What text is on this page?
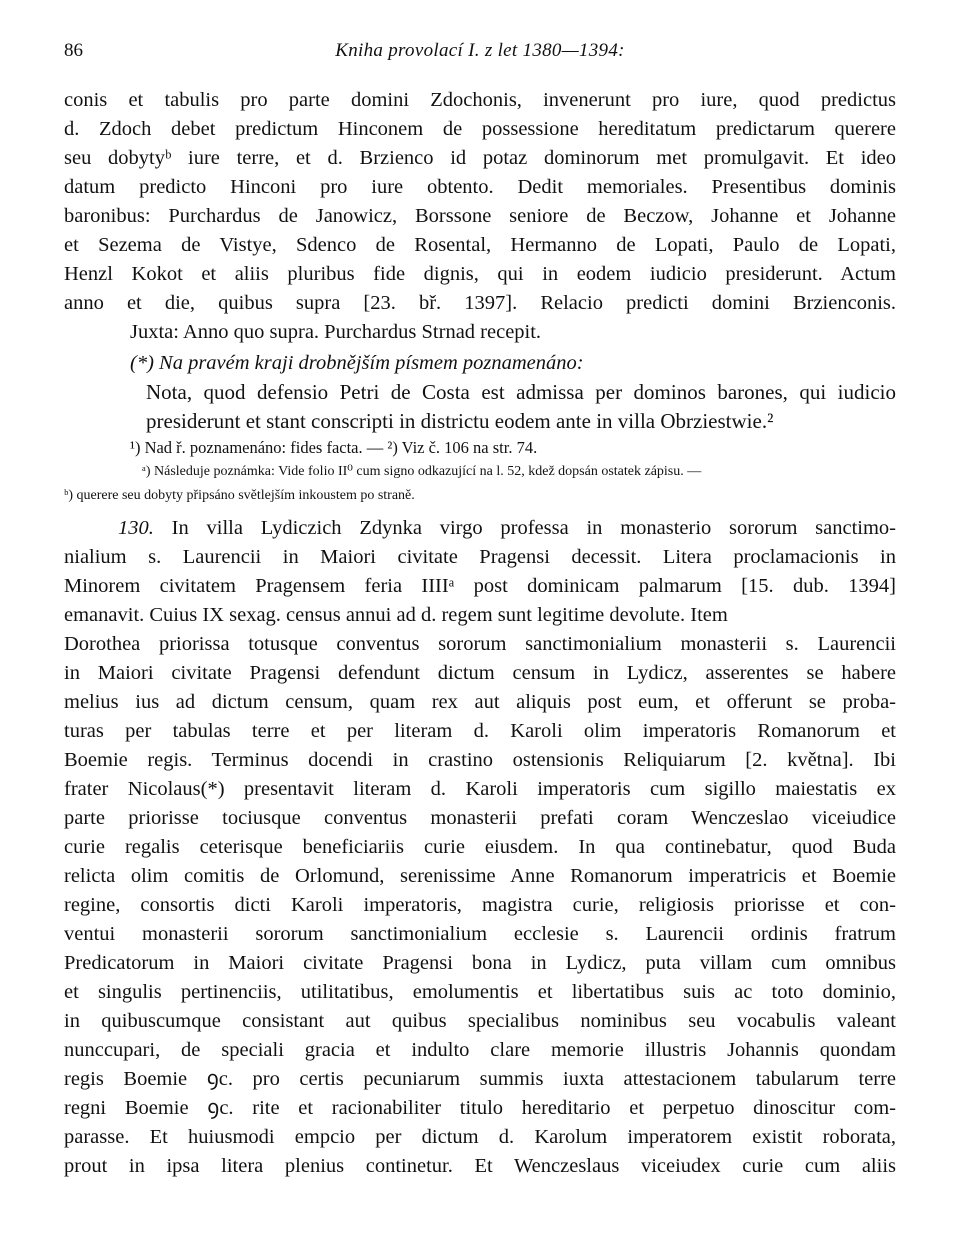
86	Kniha provolací I. z let 1380—1394:
conis et tabulis pro parte domini Zdochonis, invenerunt pro iure, quod predictus
d. Zdoch debet predictum Hinconem de possessione hereditatum predictarum querere
seu dobytyᵇ iure terre, et d. Brzienco id potaz dominorum met promulgavit. Et ideo
datum predicto Hinconi pro iure obtento. Dedit memoriales. Presentibus dominis
baronibus: Purchardus de Janowicz, Borssone seniore de Beczow, Johanne et Johanne
et Sezema de Vistye, Sdenco de Rosental, Hermanno de Lopati, Paulo de Lopati,
Henzl Kokot et aliis pluribus fide dignis, qui in eodem iudicio presiderunt. Actum
anno et die, quibus supra [23. bř. 1397]. Relacio predicti domini Brzienconis.
Juxta: Anno quo supra. Purchardus Strnad recepit.
(*) Na pravém kraji drobnějším písmem poznamenáno:
Nota, quod defensio Petri de Costa est admissa per dominos barones, qui iudicio
presiderunt et stant conscripti in districtu eodem ante in villa Obrziestwie.²
¹) Nad ř. poznamenáno: fides facta. — ²) Viz č. 106 na str. 74.
ᵃ) Následuje poznámka: Vide folio II⁰ cum signo odkazující na l. 52, kdež dopsán ostatek zápisu. —
ᵇ) querere seu dobyty připsáno světlejším inkoustem po straně.
130. In villa Lydiczich Zdynka virgo professa in monasterio sororum sanctimo-
nialium s. Laurencii in Maiori civitate Pragensi decessit. Litera proclamacionis in
Minorem civitatem Pragensem feria IIIIᵃ post dominicam palmarum [15. dub. 1394]
emanavit. Cuius IX sexag. census annui ad d. regem sunt legitime devolute. Item
Dorothea priorissa totusque conventus sororum sanctimonialium monasterii s. Laurencii
in Maiori civitate Pragensi defendunt dictum censum in Lydicz, asserentes se habere
melius ius ad dictum censum, quam rex aut aliquis post eum, et offerunt se proba-
turas per tabulas terre et per literam d. Karoli olim imperatoris Romanorum et
Boemie regis. Terminus docendi in crastino ostensionis Reliquiarum [2. května]. Ibi
frater Nicolaus(*) presentavit literam d. Karoli imperatoris cum sigillo maiestatis ex
parte priorisse tociusque conventus monasterii prefati coram Wenczeslao viceiudice
curie regalis ceterisque beneficiariis curie eiusdem. In qua continebatur, quod Buda
relicta olim comitis de Orlomund, serenissime Anne Romanorum imperatricis et Boemie
regine, consortis dicti Karoli imperatoris, magistra curie, religiosis priorisse et con-
ventui monasterii sororum sanctimonialium ecclesie s. Laurencii ordinis fratrum
Predicatorum in Maiori civitate Pragensi bona in Lydicz, puta villam cum omnibus
et singulis pertinenciis, utilitatibus, emolumentis et libertatibus suis ac toto dominio,
in quibuscumque consistant aut quibus specialibus nominibus seu vocabulis valeant
nunccupari, de speciali gracia et indulto clare memorie illustris Johannis quondam
regis Boemie ꝯc. pro certis pecuniarum summis iuxta attestacionem tabularum terre
regni Boemie ꝯc. rite et racionabiliter titulo hereditario et perpetuo dinoscitur com-
parasse. Et huiusmodi empcio per dictum d. Karolum imperatorem existit roborata,
prout in ipsa litera plenius continetur. Et Wenczeslaus viceiudex curie cum aliis
